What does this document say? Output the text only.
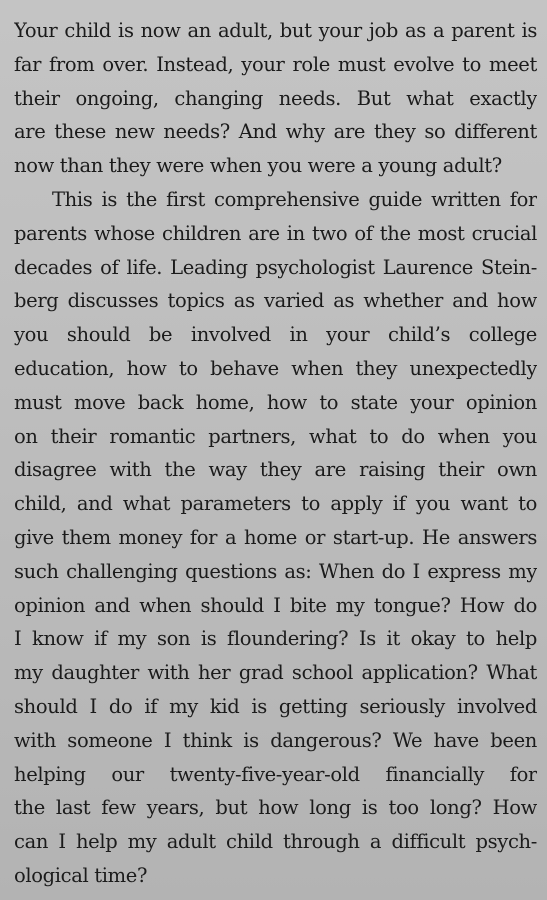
Your child is now an adult, but your job as a parent is
far from over. Instead, your role must evolve to meet
their ongoing, changing needs. But what exactly
are these new needs? And why are they so different
now than they were when you were a young adult?
This is the first comprehensive guide written for
parents whose children are in two of the most crucial
decades of life. Leading psychologist Laurence Stein-
berg discusses topics as varied as whether and how
you should be involved in your child’s college
education, how to behave when they unexpectedly
must move back home, how to state your opinion
on their romantic partners, what to do when you
disagree with the way they are raising their own
child, and what parameters to apply if you want to
give them money for a home or start-up. He answers
such challenging questions as: When do I express my
opinion and when should I bite my tongue? How do
I know if my son is floundering? Is it okay to help
my daughter with her grad school application? What
should I do if my kid is getting seriously involved
with someone I think is dangerous? We have been
helping our twenty-five-year-old financially for
the last few years, but how long is too long? How
can I help my adult child through a difficult psych-
ological time?
